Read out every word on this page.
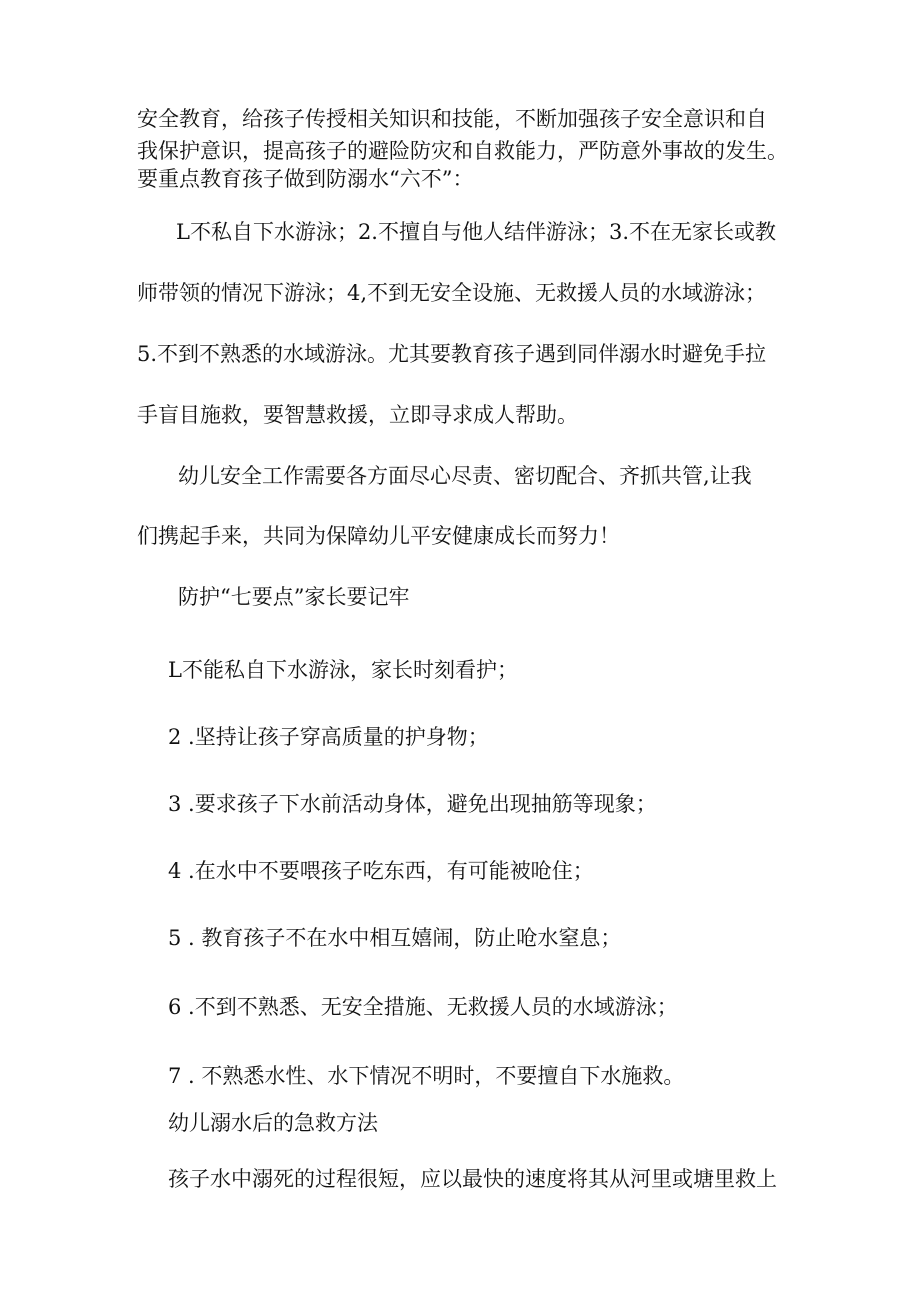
安全教育，给孩子传授相关知识和技能，不断加强孩子安全意识和自

我保护意识，提高孩子的避险防灾和自救能力，严防意外事故的发生。

要重点教育孩子做到防溺水“六不”：

L不私自下水游泳；2.不擅自与他人结伴游泳；3.不在无家长或教

师带领的情况下游泳；4,不到无安全设施、无救援人员的水域游泳；

5.不到不熟悉的水域游泳。尤其要教育孩子遇到同伴溺水时避免手拉

手盲目施救，要智慧救援，立即寻求成人帮助。

幼儿安全工作需要各方面尽心尽责、密切配合、齐抓共管,让我

们携起手来，共同为保障幼儿平安健康成长而努力！

防护“七要点”家长要记牢

L不能私自下水游泳，家长时刻看护；

2 .坚持让孩子穿高质量的护身物；

3 .要求孩子下水前活动身体，避免出现抽筋等现象；

4 .在水中不要喂孩子吃东西，有可能被呛住；

5 . 教育孩子不在水中相互嬉闹，防止呛水窒息；

6 .不到不熟悉、无安全措施、无救援人员的水域游泳；

7 . 不熟悉水性、水下情况不明时，不要擅自下水施救。

幼儿溺水后的急救方法

孩子水中溺死的过程很短，应以最快的速度将其从河里或塘里救上
